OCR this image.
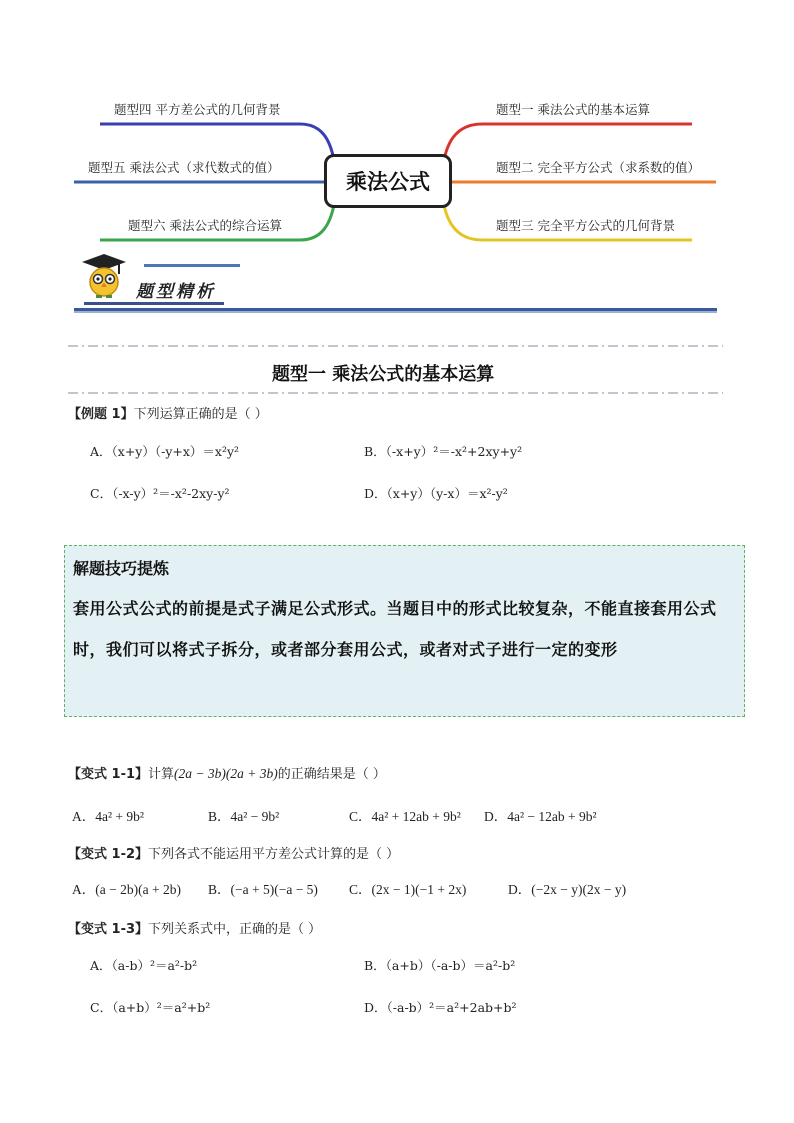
题型四 平方差公式的几何背景
题型五 乘法公式（求代数式的值）
题型六 乘法公式的综合运算
题型一 乘法公式的基本运算
题型二 完全平方公式（求系数的值）
题型三 完全平方公式的几何背景
乘法公式
题型精析
题型一 乘法公式的基本运算
【例题 1】下列运算正确的是（ ）
A．（x+y）（-y+x）＝x²y²	B．（-x+y）²＝-x²+2xy+y²
C．（-x-y）²＝-x²-2xy-y²	D．（x+y）（y-x）＝x²-y²
解题技巧提炼
套用公式公式的前提是式子满足公式形式。当题目中的形式比较复杂，不能直接套用公式时，我们可以将式子拆分，或者部分套用公式，或者对式子进行一定的变形
【变式 1-1】计算(2a − 3b)(2a + 3b)的正确结果是（ ）
A．4a² + 9b²	B．4a² − 9b²	C．4a² + 12ab + 9b² D．4a² − 12ab + 9b²
【变式 1-2】下列各式不能运用平方差公式计算的是（ ）
A．(a − 2b)(a + 2b) B．(−a + 5)(−a − 5) C．(2x − 1)(−1 + 2x)	D．(−2x − y)(2x − y)
【变式 1-3】下列关系式中，正确的是（ ）
A．（a-b）²＝a²-b²	B．（a+b）（-a-b）＝a²-b²
C．（a+b）²＝a²+b²	D．（-a-b）²＝a²+2ab+b²
